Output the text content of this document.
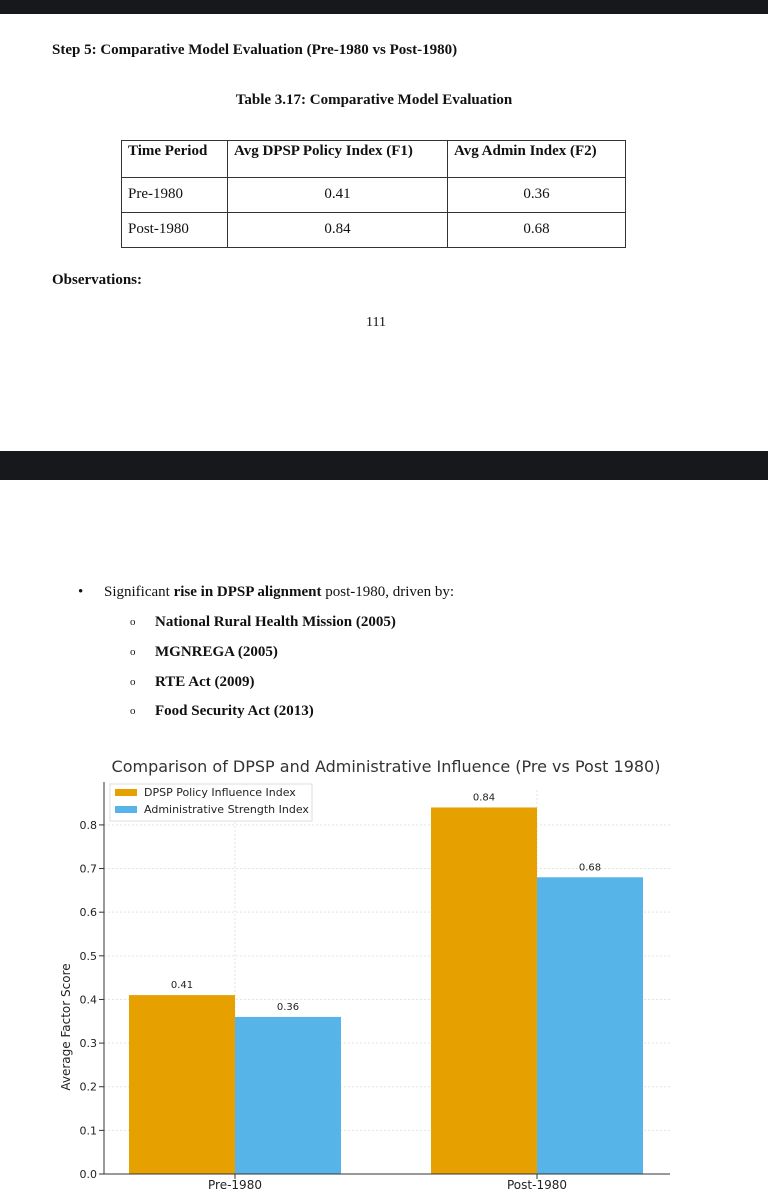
Step 5: Comparative Model Evaluation (Pre-1980 vs Post-1980)
Table 3.17: Comparative Model Evaluation
Time Period	Avg DPSP Policy Index (F1)	Avg Admin Index (F2)
Pre-1980	0.41	0.36
Post-1980	0.84	0.68
Observations:
111
• Significant rise in DPSP alignment post-1980, driven by:
o National Rural Health Mission (2005)
o MGNREGA (2005)
o RTE Act (2009)
o Food Security Act (2013)
Comparison of DPSP and Administrative Influence (Pre vs Post 1980)
0.41
0.36
0.84
0.68
0.0
0.1
0.2
0.3
0.4
0.5
0.6
0.7
0.8
Pre-1980	Post-1980
Average Factor Score
DPSP Policy Influence Index
Administrative Strength Index
